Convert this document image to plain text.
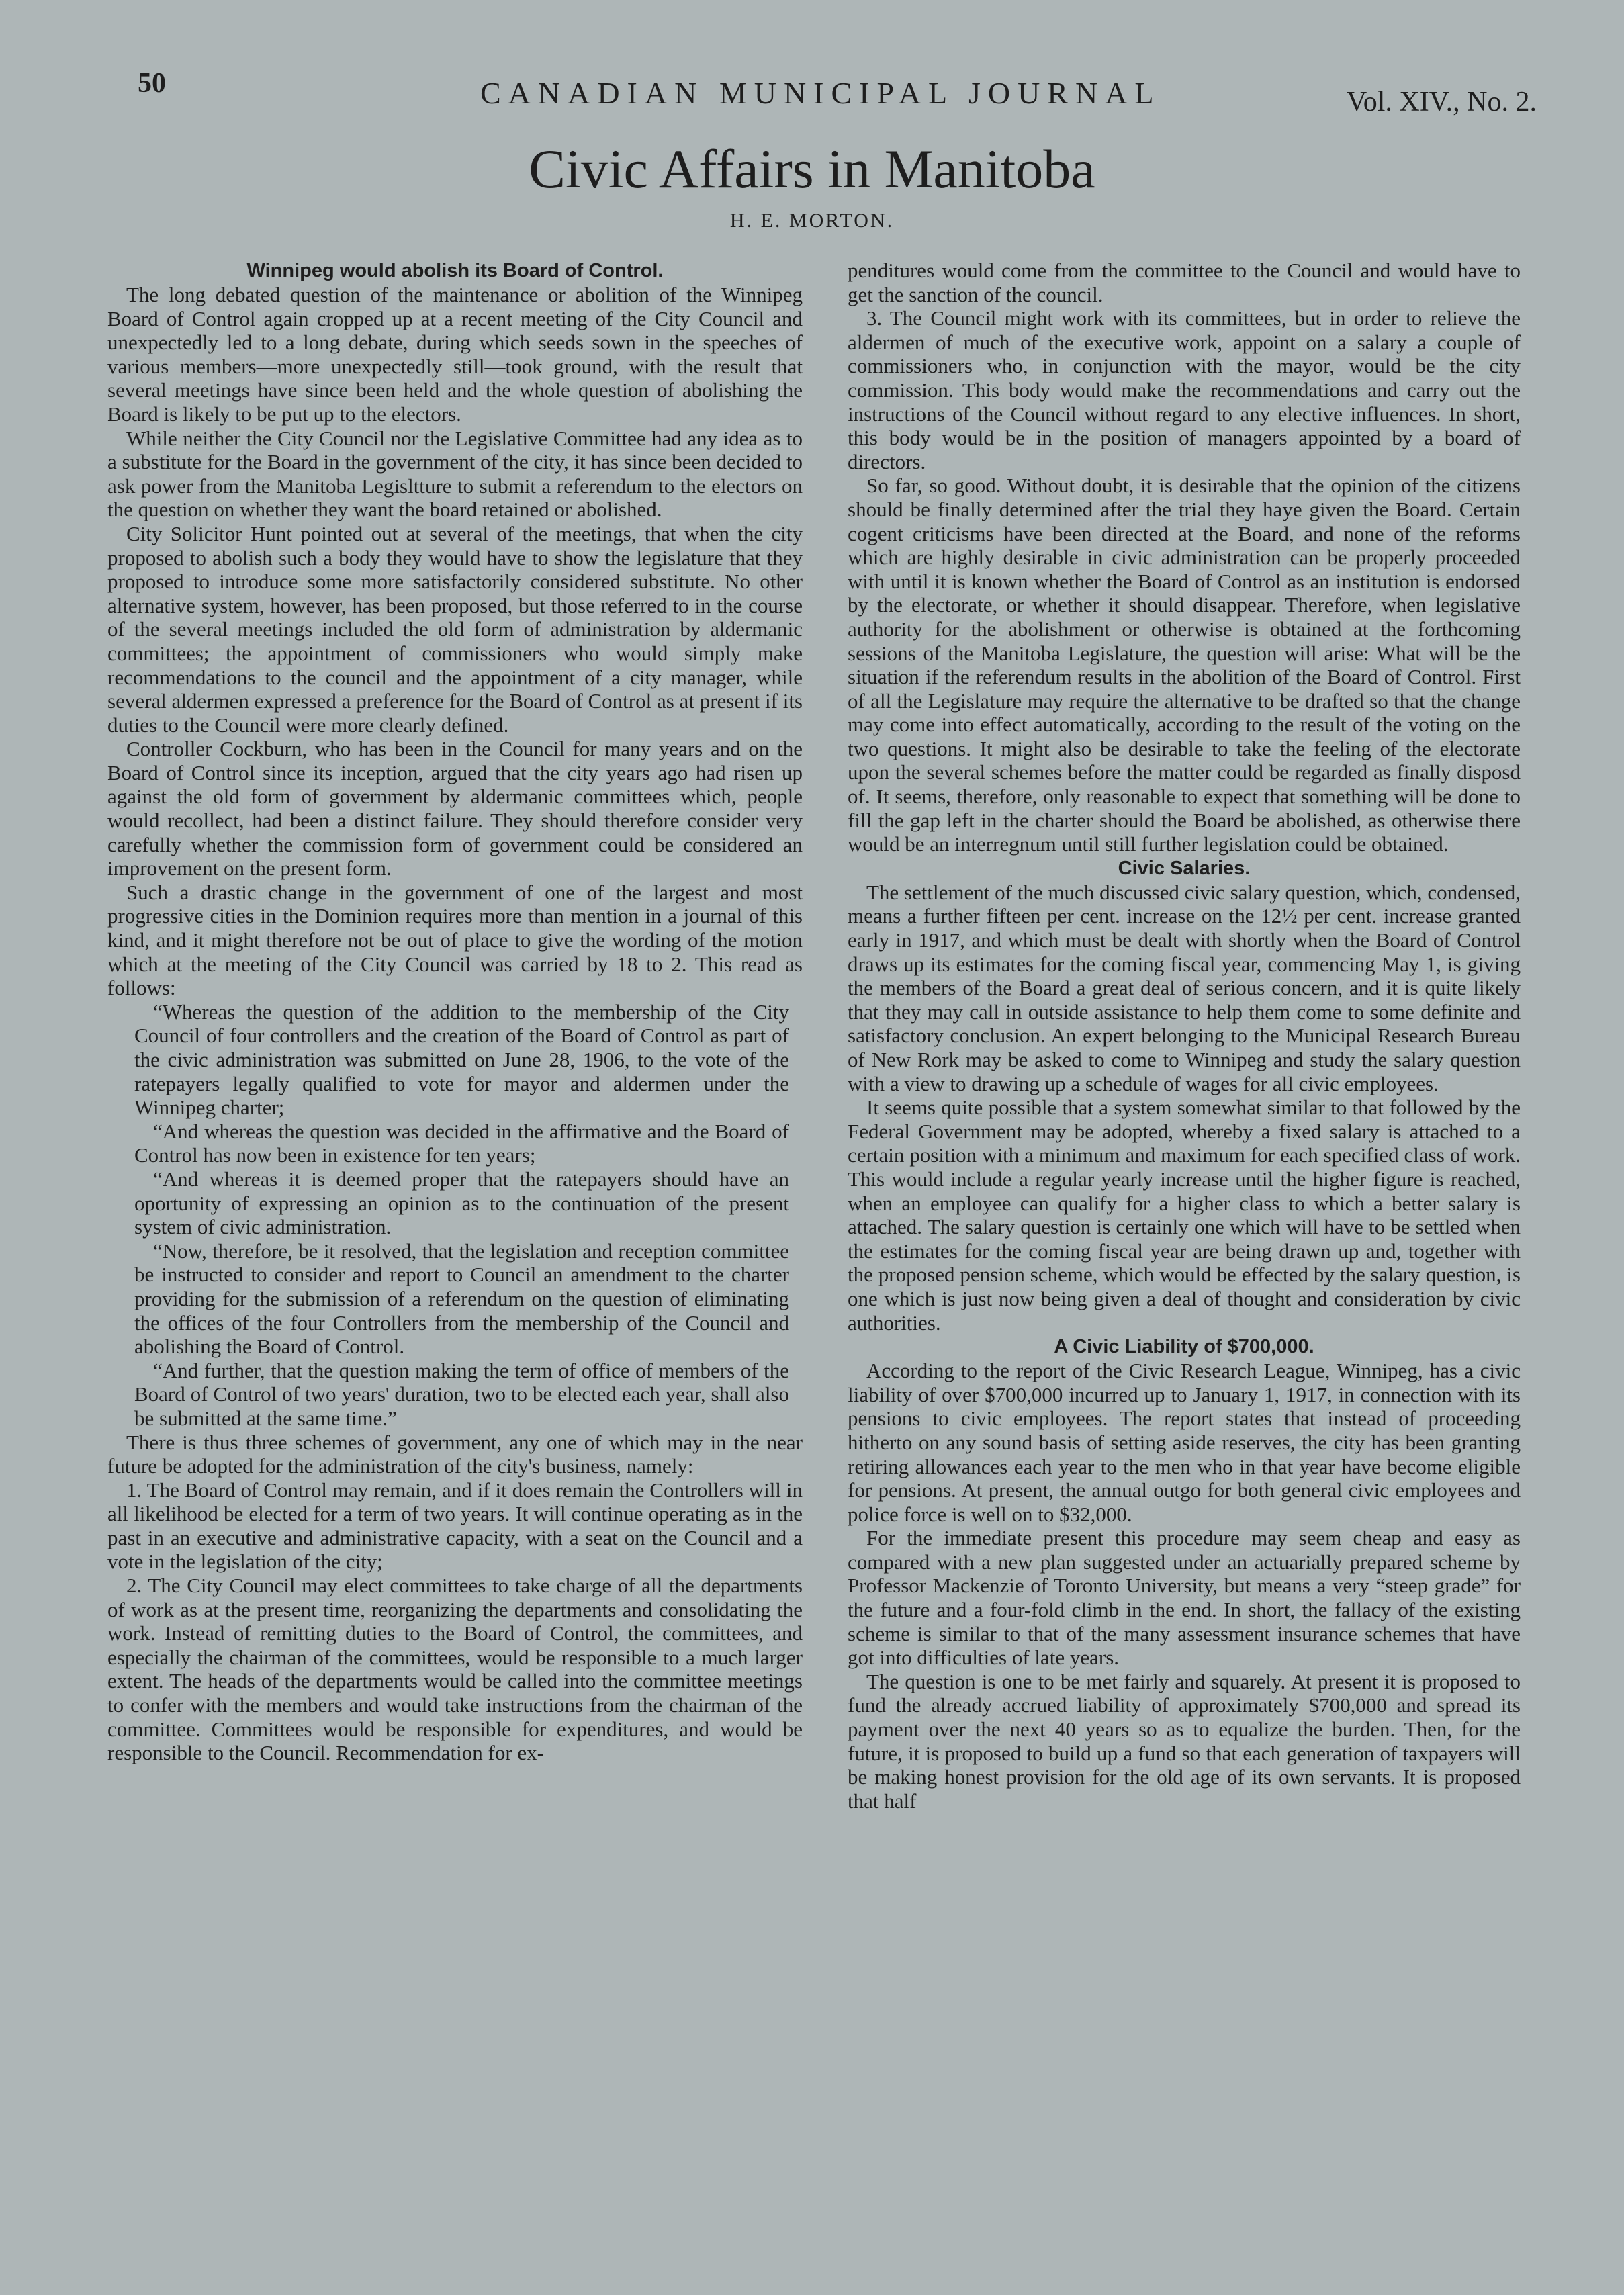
50	CANADIAN MUNICIPAL JOURNAL	Vol. XIV., No. 2.
Civic Affairs in Manitoba
H. E. MORTON.
Winnipeg would abolish its Board of Control.

The long debated question of the maintenance or abolition of the Winnipeg Board of Control again cropped up at a recent meeting of the City Council and unexpectedly led to a long debate, during which seeds sown in the speeches of various members—more unexpectedly still—took ground, with the result that several meetings have since been held and the whole question of abolishing the Board is likely to be put up to the electors.

While neither the City Council nor the Legislative Committee had any idea as to a substitute for the Board in the government of the city, it has since been decided to ask power from the Manitoba Legisltture to submit a referendum to the electors on the question on whether they want the board retained or abolished.

City Solicitor Hunt pointed out at several of the meetings, that when the city proposed to abolish such a body they would have to show the legislature that they proposed to introduce some more satisfactorily considered substitute. No other alternative system, however, has been proposed, but those referred to in the course of the several meetings included the old form of administration by aldermanic committees; the appointment of commissioners who would simply make recommendations to the council and the appointment of a city manager, while several aldermen expressed a preference for the Board of Control as at present if its duties to the Council were more clearly defined.

Controller Cockburn, who has been in the Council for many years and on the Board of Control since its inception, argued that the city years ago had risen up against the old form of government by aldermanic committees which, people would recollect, had been a distinct failure. They should therefore consider very carefully whether the commission form of government could be considered an improvement on the present form.

Such a drastic change in the government of one of the largest and most progressive cities in the Dominion requires more than mention in a journal of this kind, and it might therefore not be out of place to give the wording of the motion which at the meeting of the City Council was carried by 18 to 2. This read as follows:

“Whereas the question of the addition to the membership of the City Council of four controllers and the creation of the Board of Control as part of the civic administration was submitted on June 28, 1906, to the vote of the ratepayers legally qualified to vote for mayor and aldermen under the Winnipeg charter;

“And whereas the question was decided in the affirmative and the Board of Control has now been in existence for ten years;

“And whereas it is deemed proper that the ratepayers should have an oportunity of expressing an opinion as to the continuation of the present system of civic administration.

“Now, therefore, be it resolved, that the legislation and reception committee be instructed to consider and report to Council an amendment to the charter providing for the submission of a referendum on the question of eliminating the offices of the four Controllers from the membership of the Council and abolishing the Board of Control.

“And further, that the question making the term of office of members of the Board of Control of two years' duration, two to be elected each year, shall also be submitted at the same time.”

There is thus three schemes of government, any one of which may in the near future be adopted for the administration of the city's business, namely:

1. The Board of Control may remain, and if it does remain the Controllers will in all likelihood be elected for a term of two years. It will continue operating as in the past in an executive and administrative capacity, with a seat on the Council and a vote in the legislation of the city;

2. The City Council may elect committees to take charge of all the departments of work as at the present time, reorganizing the departments and consolidating the work. Instead of remitting duties to the Board of Control, the committees, and especially the chairman of the committees, would be responsible to a much larger extent. The heads of the departments would be called into the committee meetings to confer with the members and would take instructions from the chairman of the committee. Committees would be responsible for expenditures, and would be responsible to the Council. Recommendation for ex-

penditures would come from the committee to the Council and would have to get the sanction of the council.

3. The Council might work with its committees, but in order to relieve the aldermen of much of the executive work, appoint on a salary a couple of commissioners who, in conjunction with the mayor, would be the city commission. This body would make the recommendations and carry out the instructions of the Council without regard to any elective influences. In short, this body would be in the position of managers appointed by a board of directors.

So far, so good. Without doubt, it is desirable that the opinion of the citizens should be finally determined after the trial they haye given the Board. Certain cogent criticisms have been directed at the Board, and none of the reforms which are highly desirable in civic administration can be properly proceeded with until it is known whether the Board of Control as an institution is endorsed by the electorate, or whether it should disappear. Therefore, when legislative authority for the abolishment or otherwise is obtained at the forthcoming sessions of the Manitoba Legislature, the question will arise: What will be the situation if the referendum results in the abolition of the Board of Control. First of all the Legislature may require the alternative to be drafted so that the change may come into effect automatically, according to the result of the voting on the two questions. It might also be desirable to take the feeling of the electorate upon the several schemes before the matter could be regarded as finally disposd of. It seems, therefore, only reasonable to expect that something will be done to fill the gap left in the charter should the Board be abolished, as otherwise there would be an interregnum until still further legislation could be obtained.

Civic Salaries.

The settlement of the much discussed civic salary question, which, condensed, means a further fifteen per cent. increase on the 12½ per cent. increase granted early in 1917, and which must be dealt with shortly when the Board of Control draws up its estimates for the coming fiscal year, commencing May 1, is giving the members of the Board a great deal of serious concern, and it is quite likely that they may call in outside assistance to help them come to some definite and satisfactory conclusion. An expert belonging to the Municipal Research Bureau of New Rork may be asked to come to Winnipeg and study the salary question with a view to drawing up a schedule of wages for all civic employees.

It seems quite possible that a system somewhat similar to that followed by the Federal Government may be adopted, whereby a fixed salary is attached to a certain position with a minimum and maximum for each specified class of work. This would include a regular yearly increase until the higher figure is reached, when an employee can qualify for a higher class to which a better salary is attached. The salary question is certainly one which will have to be settled when the estimates for the coming fiscal year are being drawn up and, together with the proposed pension scheme, which would be effected by the salary question, is one which is just now being given a deal of thought and consideration by civic authorities.

A Civic Liability of $700,000.

According to the report of the Civic Research League, Winnipeg, has a civic liability of over $700,000 incurred up to January 1, 1917, in connection with its pensions to civic employees. The report states that instead of proceeding hitherto on any sound basis of setting aside reserves, the city has been granting retiring allowances each year to the men who in that year have become eligible for pensions. At present, the annual outgo for both general civic employees and police force is well on to $32,000.

For the immediate present this procedure may seem cheap and easy as compared with a new plan suggested under an actuarially prepared scheme by Professor Mackenzie of Toronto University, but means a very “steep grade” for the future and a four-fold climb in the end. In short, the fallacy of the existing scheme is similar to that of the many assessment insurance schemes that have got into difficulties of late years.

The question is one to be met fairly and squarely. At present it is proposed to fund the already accrued liability of approximately $700,000 and spread its payment over the next 40 years so as to equalize the burden. Then, for the future, it is proposed to build up a fund so that each generation of taxpayers will be making honest provision for the old age of its own servants. It is proposed that half
